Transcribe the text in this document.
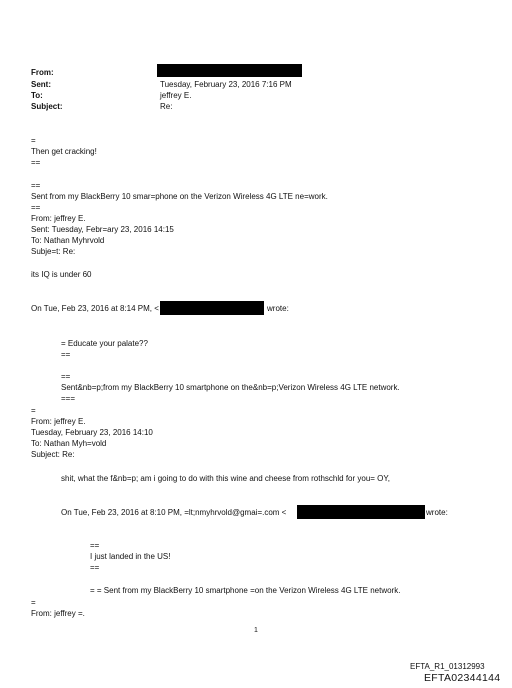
From:
Sent:	Tuesday, February 23, 2016 7:16 PM
To:	jeffrey E.
Subject:	Re:
=
Then get cracking!
==
==
Sent from my BlackBerry 10 smar=phone on the Verizon Wireless 4G LTE ne=work.
==
From: jeffrey E.
Sent: Tuesday, Febr=ary 23, 2016 14:15
To: Nathan Myhrvold
Subje=t: Re:
its IQ is under 60
On Tue, Feb 23, 2016 at 8:14 PM, <	wrote:
= Educate your palate??
==
==
Sent&nb=p;from my BlackBerry 10 smartphone on the&nb=p;Verizon Wireless 4G LTE network.
===
=
From: jeffrey E.
Tuesday, February 23, 2016 14:10
To: Nathan Myh=vold
Subject: Re:
shit, what the f&nb=p; am i going to do with this wine and cheese from rothschld for you= OY,
On Tue, Feb 23, 2016 at 8:10 PM, =lt;nmyhrvold@gmai=.com <	wrote:
==
I just landed in the US!
==
= = Sent from my BlackBerry 10 smartphone =on the Verizon Wireless 4G LTE network.
=
From: jeffrey =.
1
EFTA_R1_01312993
EFTA02344144
